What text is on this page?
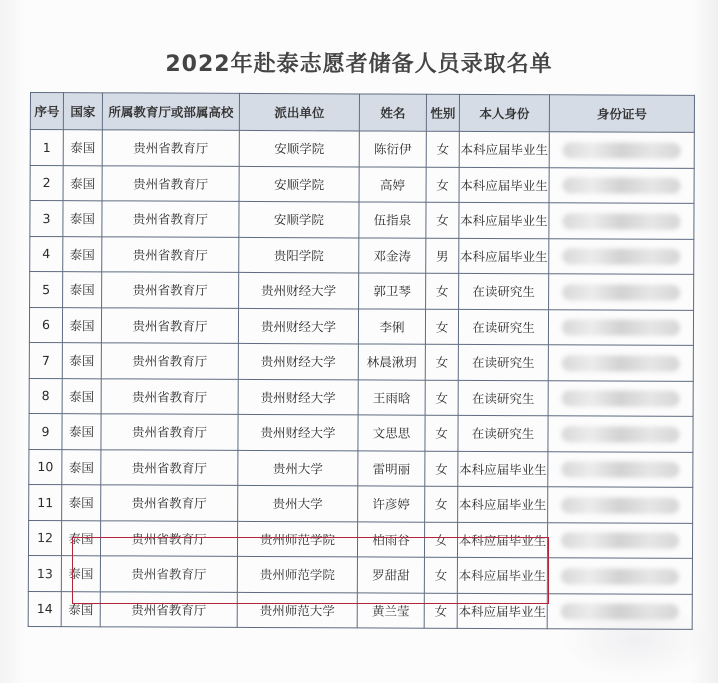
2022年赴泰志愿者储备人员录取名单
序号	国家	所属教育厅或部属高校	派出单位	姓名	性别	本人身份	身份证号
1	泰国	贵州省教育厅	安顺学院	陈衍伊	女	本科应届毕业生	
2	泰国	贵州省教育厅	安顺学院	高婷	女	本科应届毕业生	
3	泰国	贵州省教育厅	安顺学院	伍指泉	女	本科应届毕业生	
4	泰国	贵州省教育厅	贵阳学院	邓金涛	男	本科应届毕业生	
5	泰国	贵州省教育厅	贵州财经大学	郭卫琴	女	在读研究生	
6	泰国	贵州省教育厅	贵州财经大学	李俐	女	在读研究生	
7	泰国	贵州省教育厅	贵州财经大学	林晨湫玥	女	在读研究生	
8	泰国	贵州省教育厅	贵州财经大学	王雨晗	女	在读研究生	
9	泰国	贵州省教育厅	贵州财经大学	文思思	女	在读研究生	
10	泰国	贵州省教育厅	贵州大学	雷明丽	女	本科应届毕业生	
11	泰国	贵州省教育厅	贵州大学	许彦婷	女	本科应届毕业生	
12	泰国	贵州省教育厅	贵州师范学院	柏雨谷	女	本科应届毕业生	
13	泰国	贵州省教育厅	贵州师范学院	罗甜甜	女	本科应届毕业生	
14	泰国	贵州省教育厅	贵州师范大学	黄兰莹	女	本科应届毕业生	
